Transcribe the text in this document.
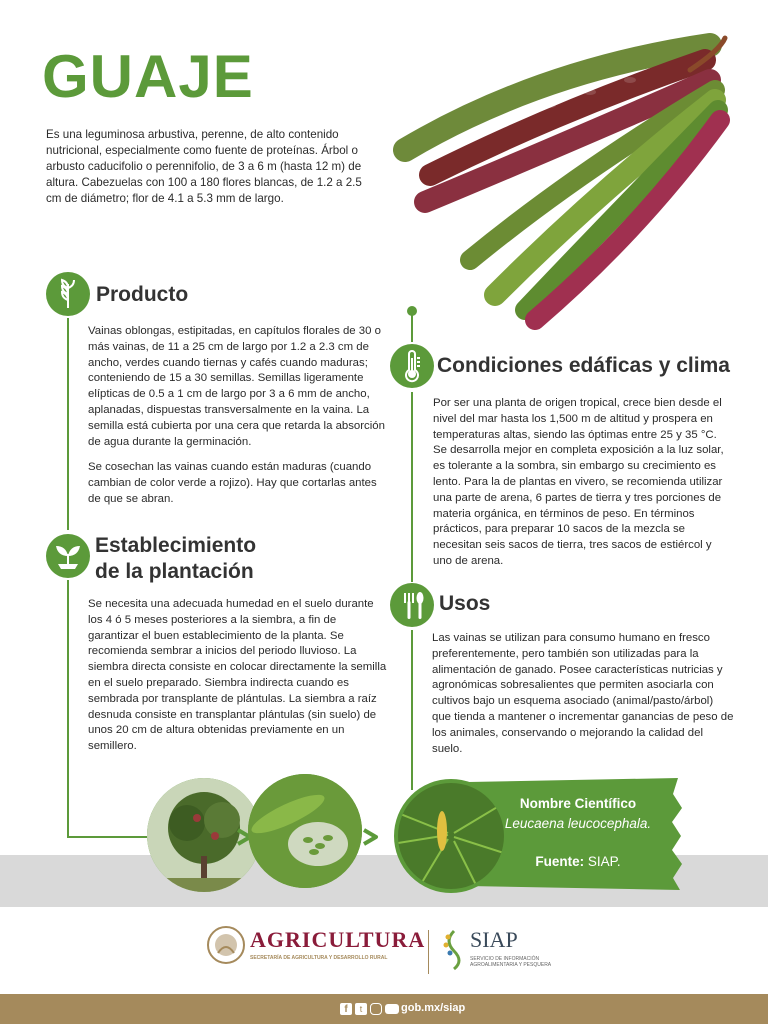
GUAJE

Es una leguminosa arbustiva, perenne, de alto contenido nutricional, especialmente como fuente de proteínas. Árbol o arbusto caducifolio o perennifolio, de 3 a 6 m (hasta 12 m) de altura. Cabezuelas con 100 a 180 flores blancas, de 1.2 a 2.5 cm de diámetro; flor de 4.1 a 5.3 mm de largo.

Producto

Vainas oblongas, estipitadas, en capítulos florales de 30 o más vainas, de 11 a 25 cm de largo por 1.2 a 2.3 cm de ancho, verdes cuando tiernas y cafés cuando maduras; conteniendo de 15 a 30 semillas. Semillas ligeramente elípticas de 0.5 a 1 cm de largo por 3 a 6 mm de ancho, aplanadas, dispuestas transversalmente en la vaina. La semilla está cubierta por una cera que retarda la absorción de agua durante la germinación.

Se cosechan las vainas cuando están maduras (cuando cambian de color verde a rojizo). Hay que cortarlas antes de que se abran.

Establecimiento
de la plantación

Se necesita una adecuada humedad en el suelo durante los 4 ó 5 meses posteriores a la siembra, a fin de garantizar el buen establecimiento de la planta. Se recomienda sembrar a inicios del periodo lluvioso. La siembra directa consiste en colocar directamente la semilla en el suelo preparado. Siembra indirecta cuando es sembrada por transplante de plántulas. La siembra a raíz desnuda consiste en transplantar plántulas (sin suelo) de unos 20 cm de altura obtenidas previamente en un semillero.

Condiciones edáficas y clima

Por ser una planta de origen tropical, crece bien desde el nivel del mar hasta los 1,500 m de altitud y prospera en temperaturas altas, siendo las óptimas entre 25 y 35 °C. Se desarrolla mejor en completa exposición a la luz solar, es tolerante a la sombra, sin embargo su crecimiento es lento. Para la de plantas en vivero, se recomienda utilizar una parte de arena, 6 partes de tierra y tres porciones de materia orgánica, en términos de peso. En términos prácticos, para preparar 10 sacos de la mezcla se necesitan seis sacos de tierra, tres sacos de estiércol y uno de arena.

Usos

Las vainas se utilizan para consumo humano en fresco preferentemente, pero también son utilizadas para la alimentación de ganado. Posee características nutricias y agronómicas sobresalientes que permiten asociarla con cultivos bajo un esquema asociado (animal/pasto/árbol) que tienda a mantener o incrementar ganancias de peso de los animales, conservando o mejorando la calidad del suelo.

Nombre Científico

Leucaena leucocephala.

Fuente: SIAP.

AGRICULTURA
SECRETARÍA DE AGRICULTURA Y DESARROLLO RURAL
SIAP
SERVICIO DE INFORMACIÓN AGROALIMENTARIA Y PESQUERA
f	t	gob.mx/siap
